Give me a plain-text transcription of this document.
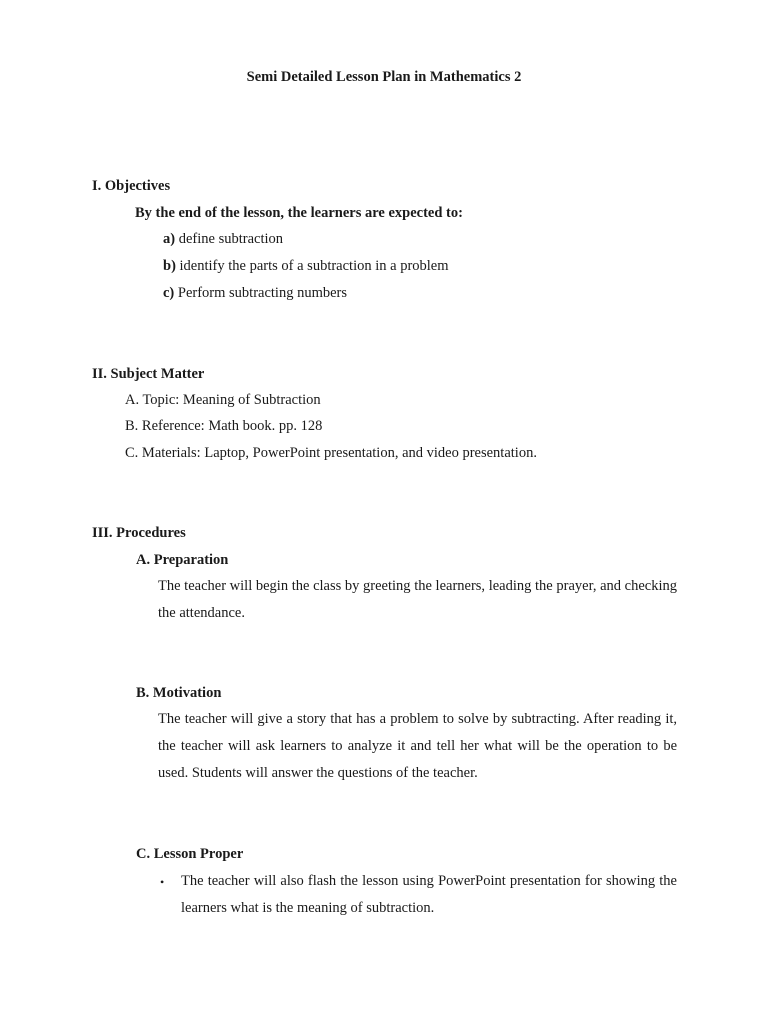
Semi Detailed Lesson Plan in Mathematics 2
I. Objectives
By the end of the lesson, the learners are expected to:
a) define subtraction
b) identify the parts of a subtraction in a problem
c) Perform subtracting numbers
II. Subject Matter
A. Topic: Meaning of Subtraction
B. Reference: Math book. pp. 128
C. Materials: Laptop, PowerPoint presentation, and video presentation.
III. Procedures
A. Preparation
The teacher will begin the class by greeting the learners, leading the prayer, and checking the attendance.
B. Motivation
The teacher will give a story that has a problem to solve by subtracting. After reading it, the teacher will ask learners to analyze it and tell her what will be the operation to be used. Students will answer the questions of the teacher.
C. Lesson Proper
• The teacher will also flash the lesson using PowerPoint presentation for showing the learners what is the meaning of subtraction.
